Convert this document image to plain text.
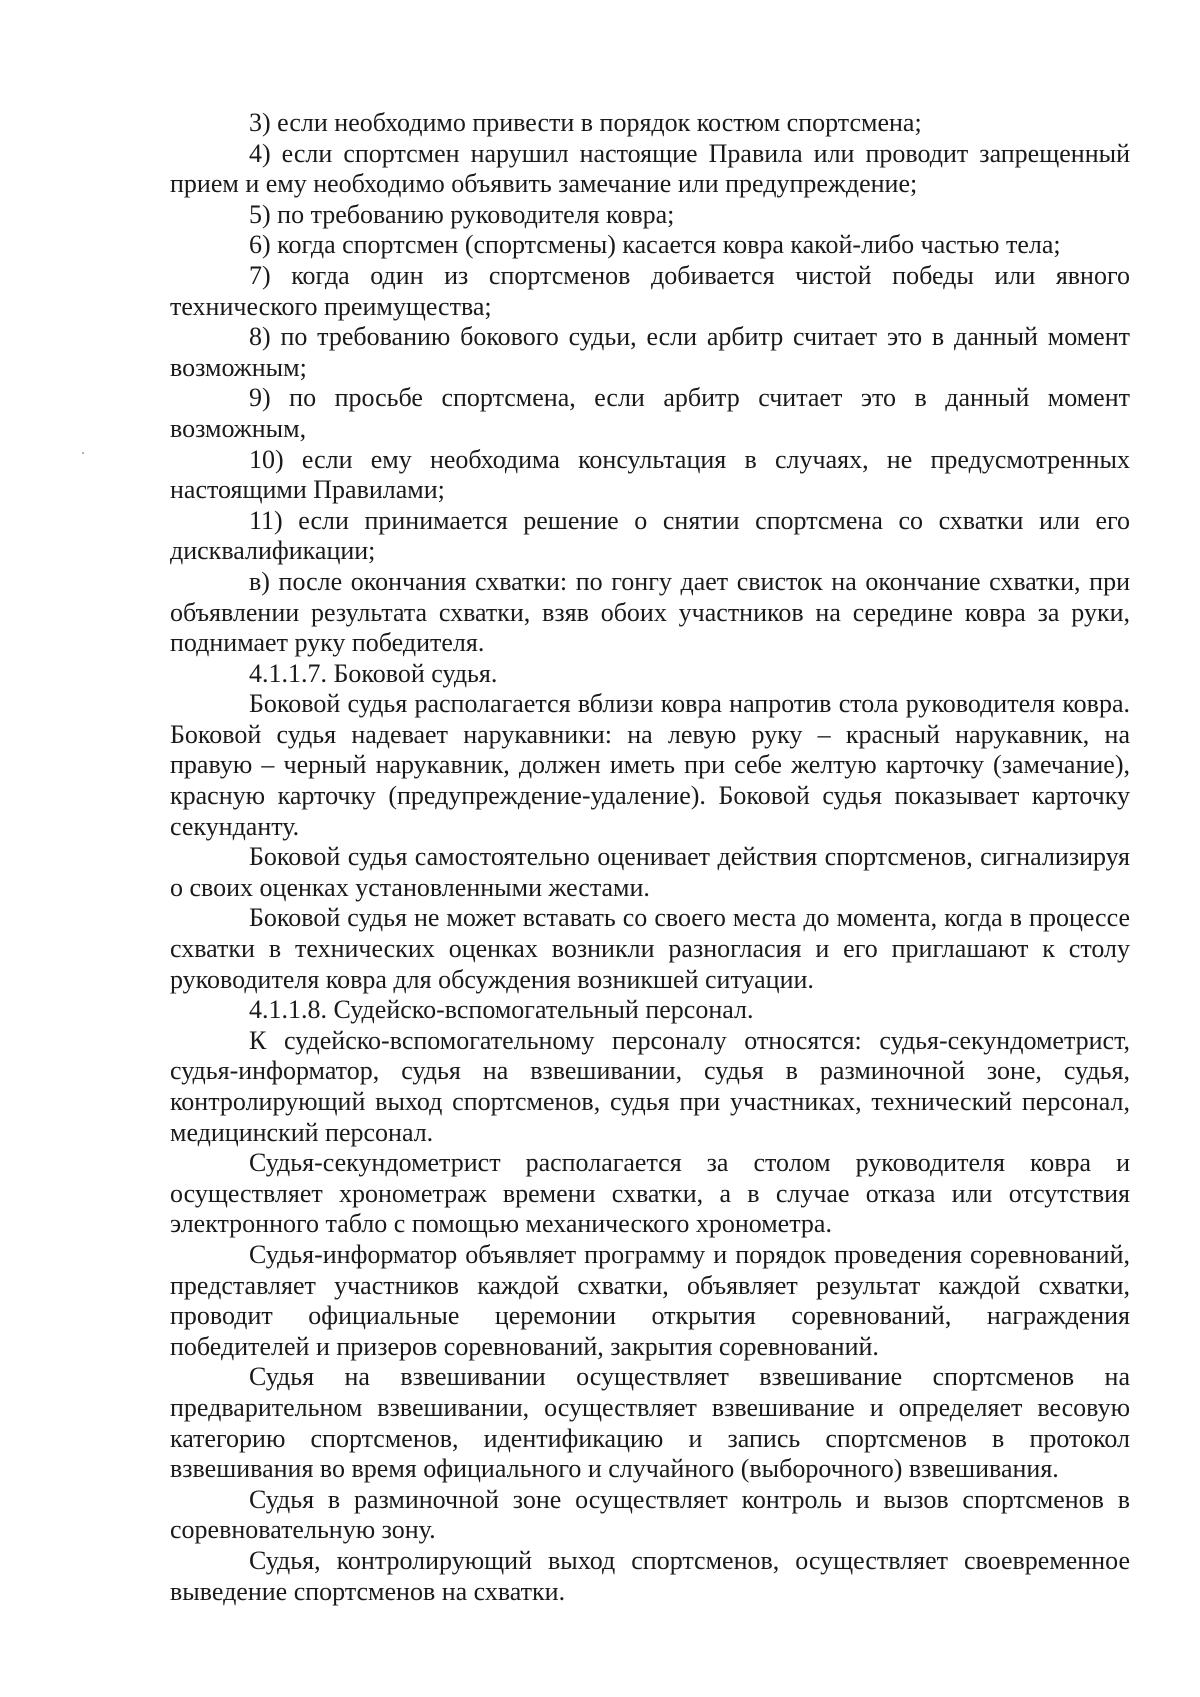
3) если необходимо привести в порядок костюм спортсмена;

4) если спортсмен нарушил настоящие Правила или проводит запрещенный прием и ему необходимо объявить замечание или предупреждение;

5) по требованию руководителя ковра;

6) когда спортсмен (спортсмены) касается ковра какой-либо частью тела;

7) когда один из спортсменов добивается чистой победы или явного технического преимущества;

8) по требованию бокового судьи, если арбитр считает это в данный момент возможным;

9) по просьбе спортсмена, если арбитр считает это в данный момент возможным,

10) если ему необходима консультация в случаях, не предусмотренных настоящими Правилами;

11) если принимается решение о снятии спортсмена со схватки или его дисквалификации;

в) после окончания схватки: по гонгу дает свисток на окончание схватки, при объявлении результата схватки, взяв обоих участников на середине ковра за руки, поднимает руку победителя.

4.1.1.7. Боковой судья.

Боковой судья располагается вблизи ковра напротив стола руководителя ковра. Боковой судья надевает нарукавники: на левую руку – красный нарукавник, на правую – черный нарукавник, должен иметь при себе желтую карточку (замечание), красную карточку (предупреждение-удаление). Боковой судья показывает карточку секунданту.

Боковой судья самостоятельно оценивает действия спортсменов, сигнализируя о своих оценках установленными жестами.

Боковой судья не может вставать со своего места до момента, когда в процессе схватки в технических оценках возникли разногласия и его приглашают к столу руководителя ковра для обсуждения возникшей ситуации.

4.1.1.8. Судейско-вспомогательный персонал.

К судейско-вспомогательному персоналу относятся: судья-секундометрист, судья-информатор, судья на взвешивании, судья в разминочной зоне, судья, контролирующий выход спортсменов, судья при участниках, технический персонал, медицинский персонал.

Судья-секундометрист располагается за столом руководителя ковра и осуществляет хронометраж времени схватки, а в случае отказа или отсутствия электронного табло с помощью механического хронометра.

Судья-информатор объявляет программу и порядок проведения соревнований, представляет участников каждой схватки, объявляет результат каждой схватки, проводит официальные церемонии открытия соревнований, награждения победителей и призеров соревнований, закрытия соревнований.

Судья на взвешивании осуществляет взвешивание спортсменов на предварительном взвешивании, осуществляет взвешивание и определяет весовую категорию спортсменов, идентификацию и запись спортсменов в протокол взвешивания во время официального и случайного (выборочного) взвешивания.

Судья в разминочной зоне осуществляет контроль и вызов спортсменов в соревновательную зону.

Судья, контролирующий выход спортсменов, осуществляет своевременное выведение спортсменов на схватки.
